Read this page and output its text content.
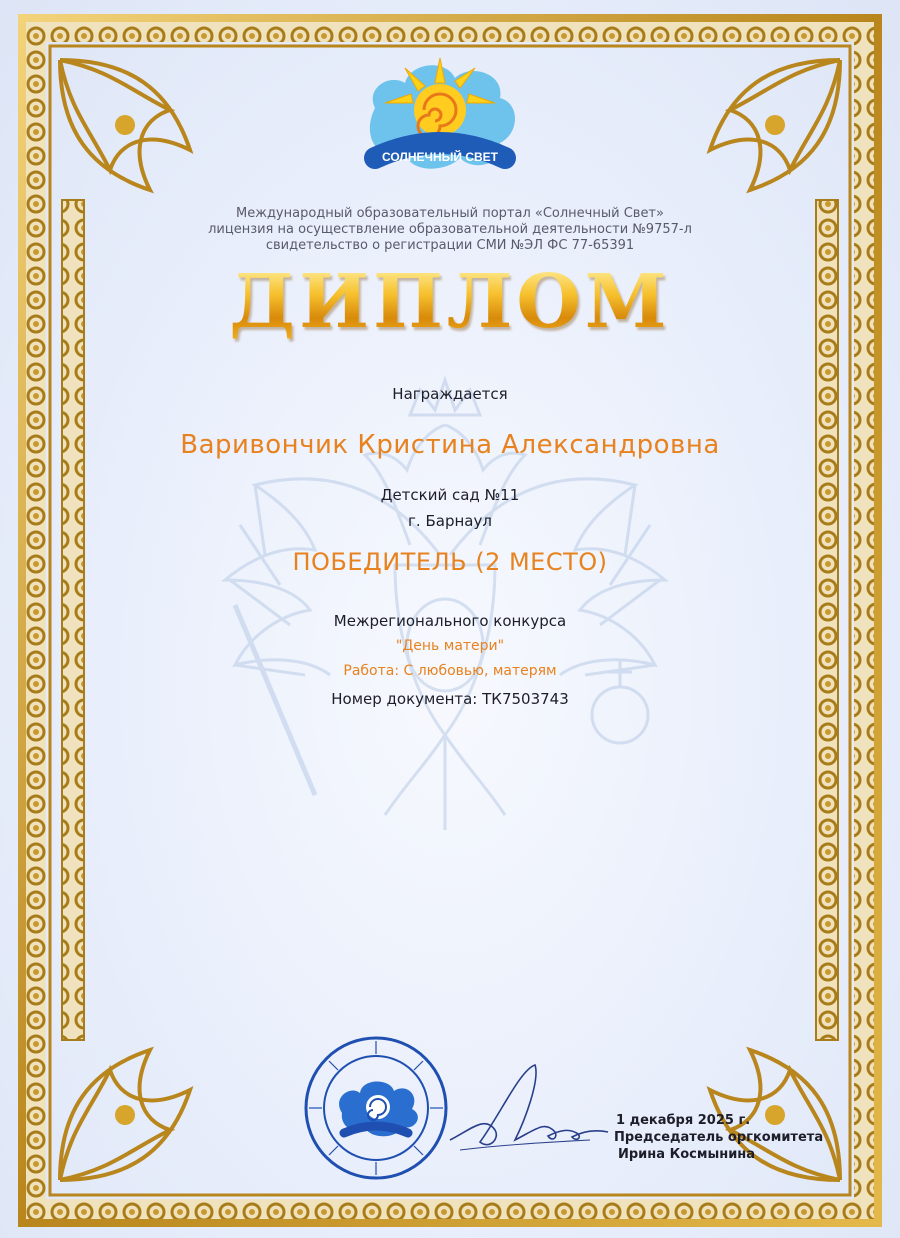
СОЛНЕЧНЫЙ СВЕТ

Международный образовательный портал «Солнечный Свет»

лицензия на осуществление образовательной деятельности №9757-л

свидетельство о регистрации СМИ №ЭЛ ФС 77-65391

ДИПЛОМ

Награждается

Варивончик Кристина Александровна

Детский сад №11

г. Барнаул

ПОБЕДИТЕЛЬ (2 МЕСТО)

Межрегионального конкурса

"День матери"

Работа: С любовью, матерям

Номер документа: ТК7503743

1 декабря 2025 г.

Председатель оргкомитета

Ирина Космынина
